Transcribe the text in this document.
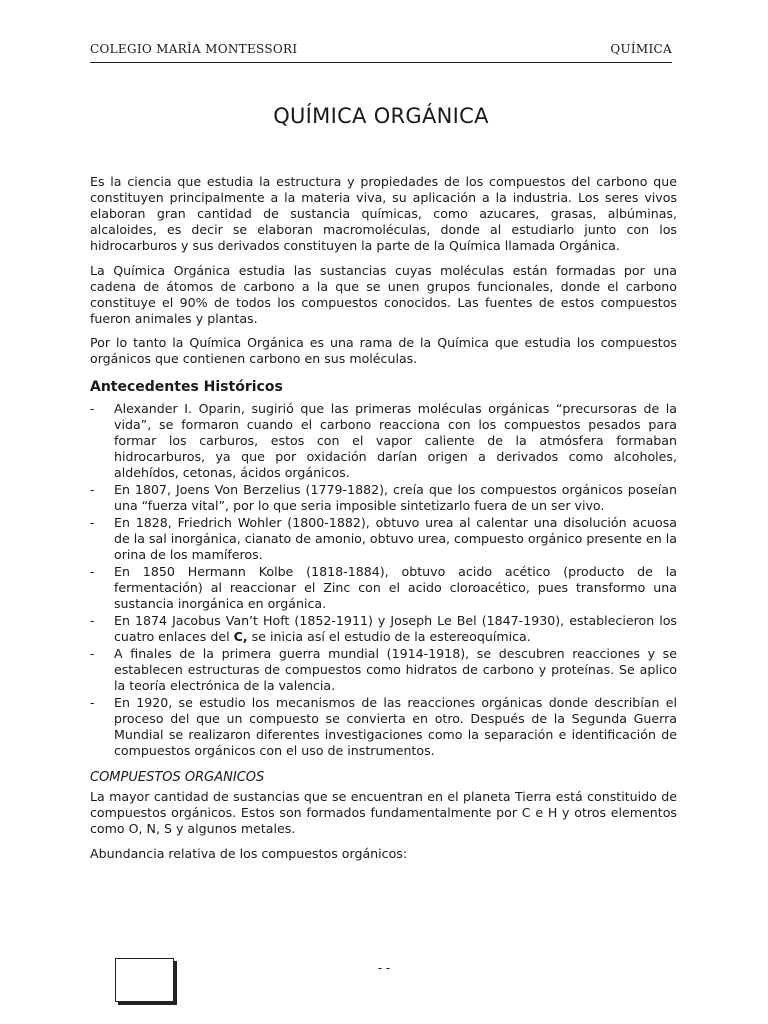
COLEGIO MARÌA MONTESSORI	QUÍMICA
QUÍMICA ORGÁNICA

Es la ciencia que estudia la estructura y propiedades de los compuestos del carbono que constituyen principalmente a la materia viva, su aplicación a la industria. Los seres vivos elaboran gran cantidad de sustancia químicas, como azucares, grasas, albúminas, alcaloides, es decir se elaboran macromoléculas, donde al estudiarlo junto con los hidrocarburos y sus derivados constituyen la parte de la Química llamada Orgánica.

La Química Orgánica estudia las sustancias cuyas moléculas están formadas por una cadena de átomos de carbono a la que se unen grupos funcionales, donde el carbono constituye el 90% de todos los compuestos conocidos. Las fuentes de estos compuestos fueron animales y plantas.

Por lo tanto la Química Orgánica es una rama de la Química que estudia los compuestos orgánicos que contienen carbono en sus moléculas.

Antecedentes Históricos
- Alexander I. Oparin, sugirió que las primeras moléculas orgánicas “precursoras de la vida”, se formaron cuando el carbono reacciona con los compuestos pesados para formar los carburos, estos con el vapor caliente de la atmósfera formaban hidrocarburos, ya que por oxidación darían origen a derivados como alcoholes, aldehídos, cetonas, ácidos orgánicos.
- En 1807, Joens Von Berzelius (1779-1882), creía que los compuestos orgánicos poseían una “fuerza vital”, por lo que seria imposible sintetizarlo fuera de un ser vivo.
- En 1828, Friedrich Wohler (1800-1882), obtuvo urea al calentar una disolución acuosa de la sal inorgánica, cianato de amonio, obtuvo urea, compuesto orgánico presente en la orina de los mamíferos.
- En 1850 Hermann Kolbe (1818-1884), obtuvo acido acético (producto de la fermentación) al reaccionar el Zinc con el acido cloroacético, pues transformo una sustancia inorgánica en orgánica.
- En 1874 Jacobus Van’t Hoft (1852-1911) y Joseph Le Bel (1847-1930), establecieron los cuatro enlaces del C, se inicia así el estudio de la estereoquímica.
- A finales de la primera guerra mundial (1914-1918), se descubren reacciones y se establecen estructuras de compuestos como hidratos de carbono y proteínas. Se aplico la teoría electrónica de la valencia.
- En 1920, se estudio los mecanismos de las reacciones orgánicas donde describían el proceso del que un compuesto se convierta en otro. Después de la Segunda Guerra Mundial se realizaron diferentes investigaciones como la separación e identificación de compuestos orgánicos con el uso de instrumentos.
COMPUESTOS ORGANICOS

La mayor cantidad de sustancias que se encuentran en el planeta Tierra está constituido de compuestos orgánicos. Estos son formados fundamentalmente por C e H y otros elementos como O, N, S y algunos metales.

Abundancia relativa de los compuestos orgánicos:

- -
